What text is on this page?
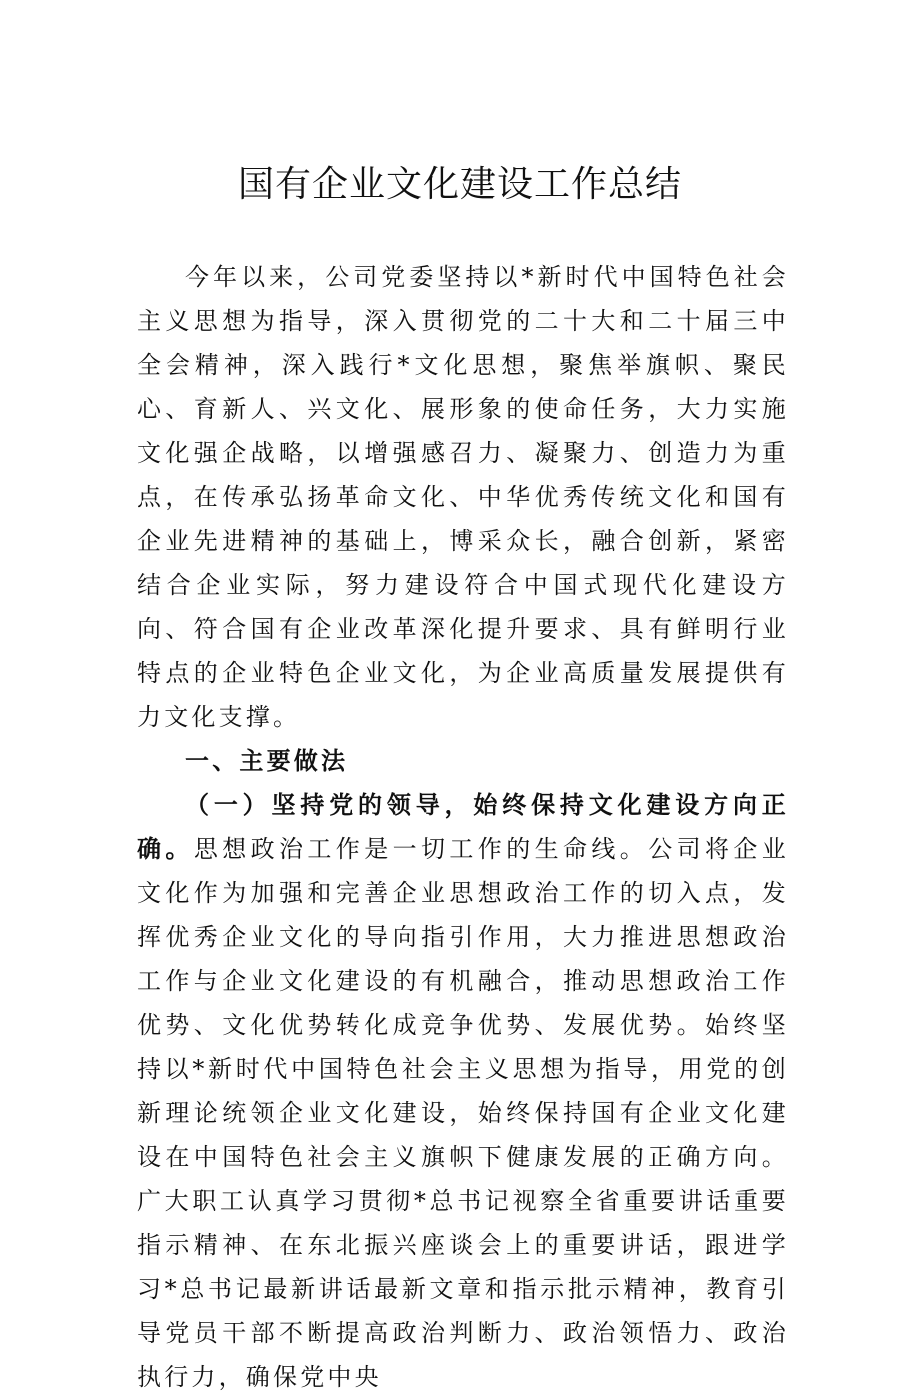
国有企业文化建设工作总结

今年以来，公司党委坚持以*新时代中国特色社会主义思想为指导，深入贯彻党的二十大和二十届三中全会精神，深入践行*文化思想，聚焦举旗帜、聚民心、育新人、兴文化、展形象的使命任务，大力实施文化强企战略，以增强感召力、凝聚力、创造力为重点，在传承弘扬革命文化、中华优秀传统文化和国有企业先进精神的基础上，博采众长，融合创新，紧密结合企业实际，努力建设符合中国式现代化建设方向、符合国有企业改革深化提升要求、具有鲜明行业特点的企业特色企业文化，为企业高质量发展提供有力文化支撑。

一、主要做法

（一）坚持党的领导，始终保持文化建设方向正确。思想政治工作是一切工作的生命线。公司将企业文化作为加强和完善企业思想政治工作的切入点，发挥优秀企业文化的导向指引作用，大力推进思想政治工作与企业文化建设的有机融合，推动思想政治工作优势、文化优势转化成竞争优势、发展优势。始终坚持以*新时代中国特色社会主义思想为指导，用党的创新理论统领企业文化建设，始终保持国有企业文化建设在中国特色社会主义旗帜下健康发展的正确方向。广大职工认真学习贯彻*总书记视察全省重要讲话重要指示精神、在东北振兴座谈会上的重要讲话，跟进学习*总书记最新讲话最新文章和指示批示精神，教育引导党员干部不断提高政治判断力、政治领悟力、政治执行力，确保党中央
